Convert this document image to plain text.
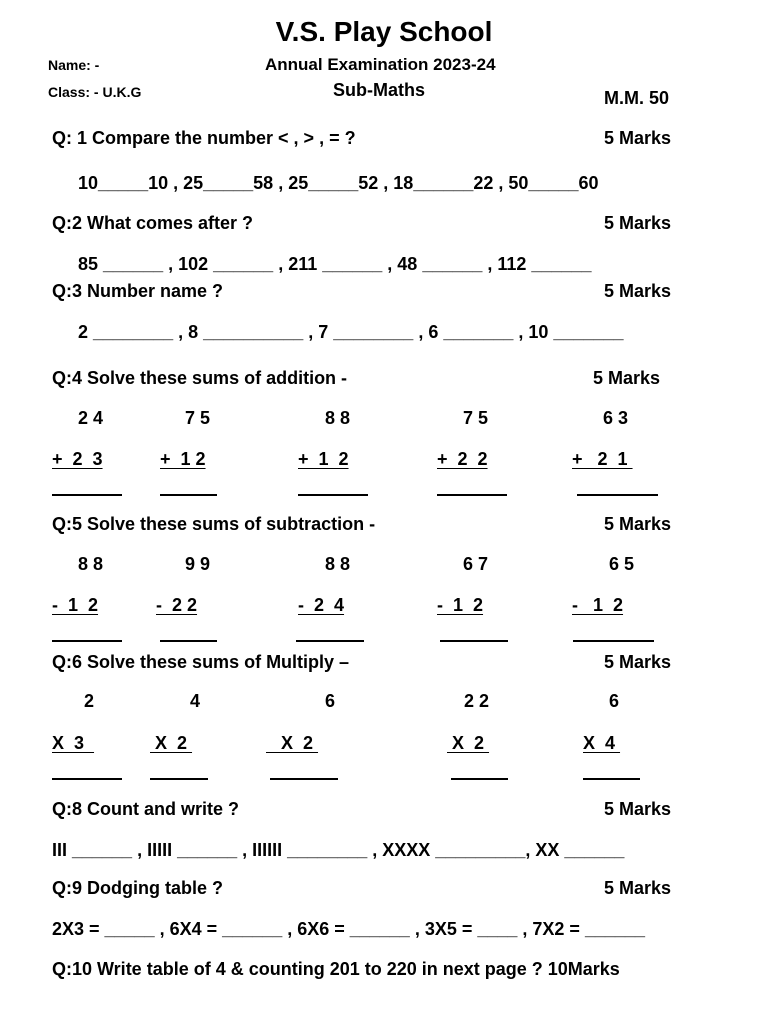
V.S. Play School
Name: -	Annual Examination 2023-24
Class: - U.K.G	Sub-Maths	M.M. 50
Q: 1 Compare the number < , > , = ?	5 Marks
10_____10 , 25_____58 , 25_____52 , 18______22 , 50_____60
Q:2 What comes after ?	5 Marks
85 ______ , 102 ______ , 211 ______ , 48 ______ , 112 ______
Q:3 Number name ?	5 Marks
2 ________ , 8 __________ , 7 ________ , 6 _______ , 10 _______
Q:4 Solve these sums of addition -	5 Marks
2 4	7 5	8 8	7 5	6 3
+  2  3	+  1 2	+  1  2	+  2  2	+   2  1
Q:5 Solve these sums of subtraction -	5 Marks
8 8	9 9	8 8	6 7	6 5
-  1  2	-  2 2	-  2  4	-  1  2	-   1  2
Q:6 Solve these sums of Multiply –	5 Marks
2	4	6	2 2	6
X  3	X  2	X  2	X  2	X  4
Q:8 Count and write ?	5 Marks
III ______ , IIIII ______ , IIIIII ________ , XXXX _________, XX ______
Q:9 Dodging table ?	5 Marks
2X3 = _____ , 6X4 = ______ , 6X6 = ______ , 3X5 = ____ , 7X2 = ______
Q:10 Write table of 4 & counting 201 to 220 in next page ? 10Marks
